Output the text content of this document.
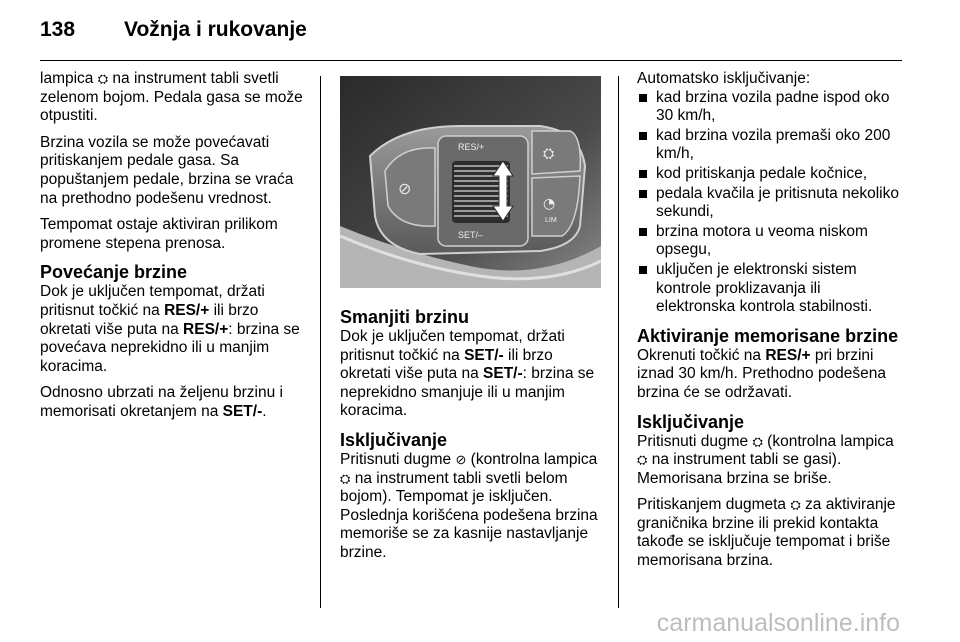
138 Vožnja i rukovanje

lampica ⛭ na instrument tabli svetli zelenom bojom. Pedala gasa se može otpustiti.

Brzina vozila se može povećavati pritiskanjem pedale gasa. Sa popuštanjem pedale, brzina se vraća na prethodno podešenu vrednost.

Tempomat ostaje aktiviran prilikom promene stepena prenosa.

Povećanje brzine

Dok je uključen tempomat, držati pritisnut točkić na RES/+ ili brzo okretati više puta na RES/+: brzina se povećava neprekidno ili u manjim koracima.

Odnosno ubrzati na željenu brzinu i memorisati okretanjem na SET/-.

⊘
RES/+
SET/–
⛭
◔
LIM
Smanjiti brzinu

Dok je uključen tempomat, držati pritisnut točkić na SET/- ili brzo okretati više puta na SET/-: brzina se neprekidno smanjuje ili u manjim koracima.

Isključivanje

Pritisnuti dugme ⊘ (kontrolna lampica ⛭ na instrument tabli svetli belom bojom). Tempomat je isključen. Poslednja korišćena podešena brzina memoriše se za kasnije nastavljanje brzine.

Automatsko isključivanje:

kad brzina vozila padne ispod oko 30 km/h,
kad brzina vozila premaši oko 200 km/h,
kod pritiskanja pedale kočnice,
pedala kvačila je pritisnuta nekoliko sekundi,
brzina motora u veoma niskom opsegu,
uključen je elektronski sistem kontrole proklizavanja ili elektronska kontrola stabilnosti.
Aktiviranje memorisane brzine

Okrenuti točkić na RES/+ pri brzini iznad 30 km/h. Prethodno podešena brzina će se održavati.

Isključivanje

Pritisnuti dugme ⛭ (kontrolna lampica ⛭ na instrument tabli se gasi). Memorisana brzina se briše.

Pritiskanjem dugmeta ⛭ za aktiviranje graničnika brzine ili prekid kontakta takođe se isključuje tempomat i briše memorisana brzina.

carmanualsonline.info
